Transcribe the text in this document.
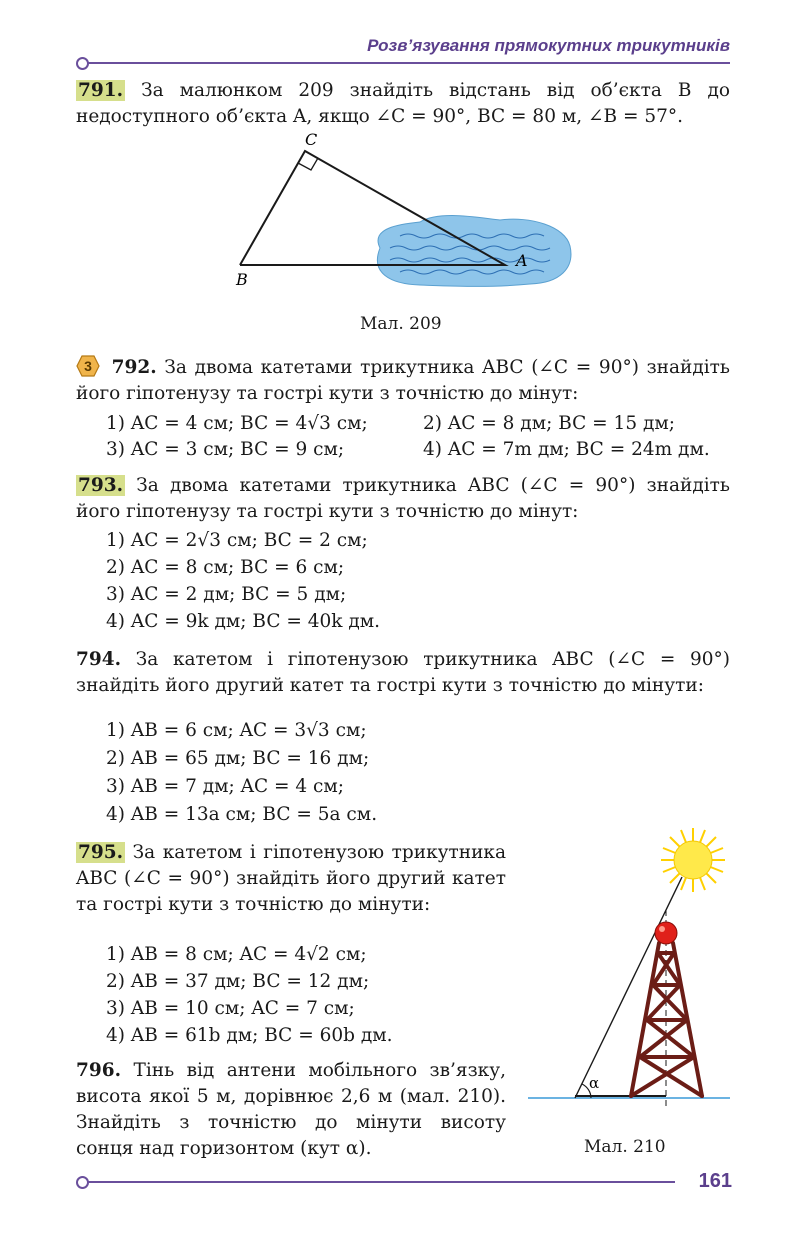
Розв’язування прямокутних трикутників

791. За малюнком 209 знайдіть відстань від об’єкта B до недоступного об’єкта A, якщо ∠C = 90°, BC = 80 м, ∠B = 57°.

B
C
A
Мал. 209

3 792. За двома катетами трикутника ABC (∠C = 90°) знайдіть його гіпотенузу та гострі кути з точністю до мінут:

1) AC = 4 см; BC = 4√3 см;	2) AC = 8 дм; BC = 15 дм;
3) AC = 3 см; BC = 9 см;	4) AC = 7m дм; BC = 24m дм.

793. За двома катетами трикутника ABC (∠C = 90°) знайдіть його гіпотенузу та гострі кути з точністю до мінут:

1) AC = 2√3 см; BC = 2 см;
2) AC = 8 см; BC = 6 см;
3) AC = 2 дм; BC = 5 дм;
4) AC = 9k дм; BC = 40k дм.

794. За катетом і гіпотенузою трикутника ABC (∠C = 90°) знайдіть його другий катет та гострі кути з точністю до мінути:

1) AB = 6 см; AC = 3√3 см;
2) AB = 65 дм; BC = 16 дм;
3) AB = 7 дм; AC = 4 см;
4) AB = 13a см; BC = 5a см.

795. За катетом і гіпотенузою трикутника ABC (∠C = 90°) знайдіть його другий катет та гострі кути з точністю до мінути:

1) AB = 8 см; AC = 4√2 см;
2) AB = 37 дм; BC = 12 дм;
3) AB = 10 см; AC = 7 см;
4) AB = 61b дм; BC = 60b дм.

796. Тінь від антени мобільного зв’язку, висота якої 5 м, дорівнює 2,6 м (мал. 210). Знайдіть з точністю до мінути висоту сонця над горизонтом (кут α).

α
Мал. 210
161
